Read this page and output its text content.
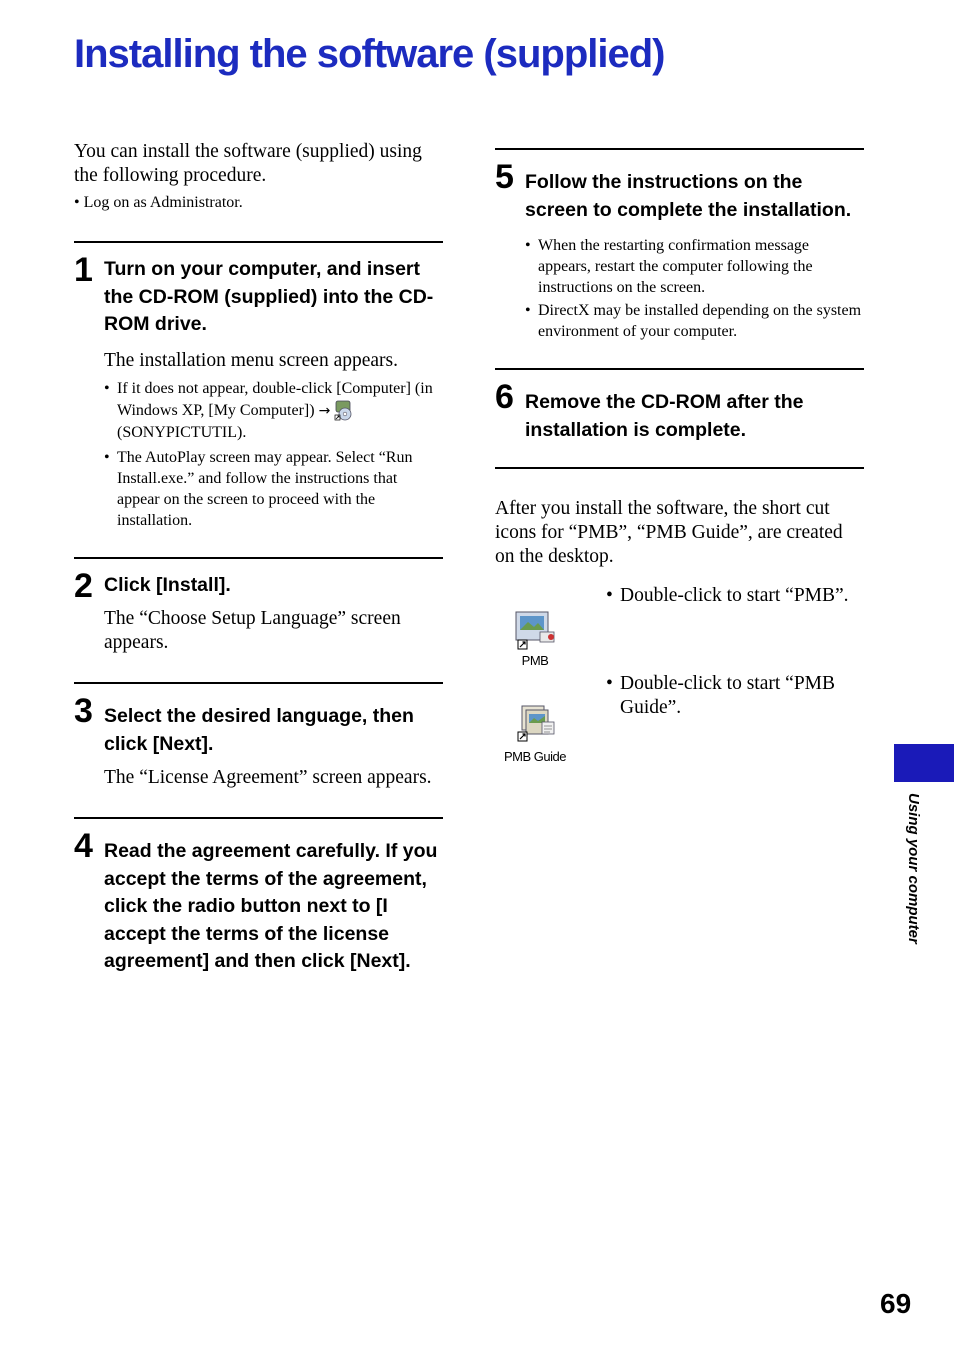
Installing the software (supplied)
You can install the software (supplied) using the following procedure.
• Log on as Administrator.
1 Turn on your computer, and insert the CD-ROM (supplied) into the CD-ROM drive.
The installation menu screen appears.
• If it does not appear, double-click [Computer] (in Windows XP, [My Computer]) →(SONYPICTUTIL).
• The AutoPlay screen may appear. Select “Run Install.exe.” and follow the instructions that appear on the screen to proceed with the installation.
2 Click [Install].
The “Choose Setup Language” screen appears.
3 Select the desired language, then click [Next].
The “License Agreement” screen appears.
4 Read the agreement carefully. If you accept the terms of the agreement, click the radio button next to [I accept the terms of the license agreement] and then click [Next].
5 Follow the instructions on the screen to complete the installation.
• When the restarting confirmation message appears, restart the computer following the instructions on the screen.
• DirectX may be installed depending on the system environment of your computer.
6 Remove the CD-ROM after the installation is complete.
After you install the software, the short cut icons for “PMB”, “PMB Guide”, are created on the desktop.
PMB
• Double-click to start “PMB”.
PMB Guide
• Double-click to start “PMB Guide”.
Using your computer
69
